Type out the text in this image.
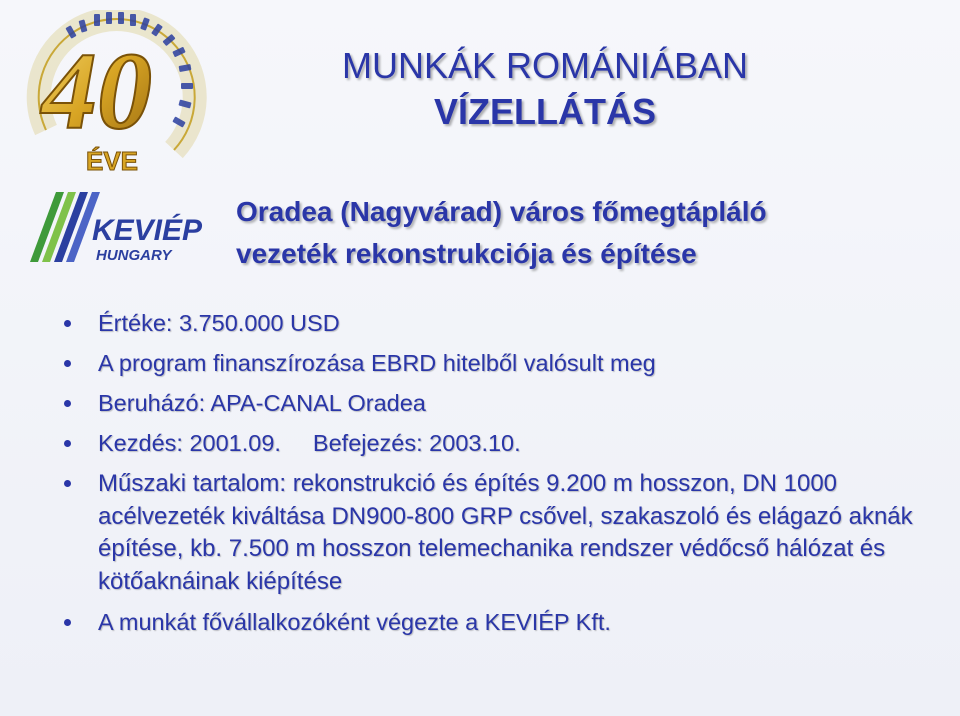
40
ÉVE
KEVIÉP
HUNGARY
MUNKÁK ROMÁNIÁBAN
VÍZELLÁTÁS
Oradea (Nagyvárad) város főmegtápláló
vezeték rekonstrukciója és építése
Értéke: 3.750.000 USD
A program finanszírozása EBRD hitelből valósult meg
Beruházó: APA-CANAL Oradea
Kezdés: 2001.09. Befejezés: 2003.10.
Műszaki tartalom: rekonstrukció és építés 9.200 m hosszon, DN 1000 acélvezeték kiváltása DN900-800 GRP csővel, szakaszoló és elágazó aknák építése, kb. 7.500 m hosszon telemechanika rendszer védőcső hálózat és kötőaknáinak kiépítése
A munkát fővállalkozóként végezte a KEVIÉP Kft.
